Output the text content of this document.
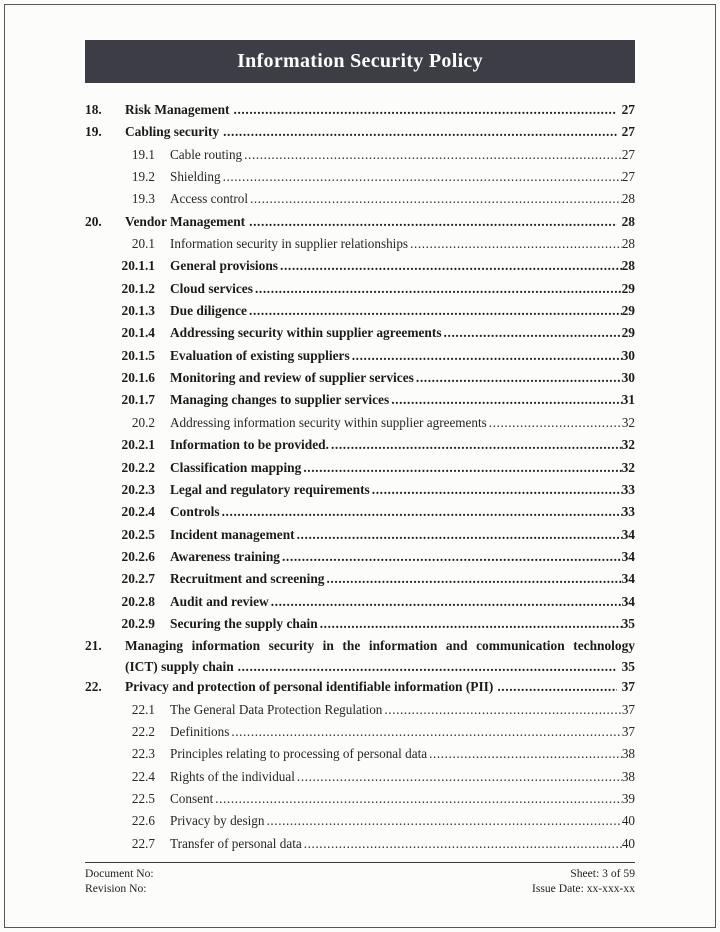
Information Security Policy
18.	Risk Management .....	27
19.	Cabling security .....	27
19.1 Cable routing .....	27
19.2 Shielding .....	27
19.3 Access control .....	28
20.	Vendor Management .....	28
20.1 Information security in supplier relationships .....	28
20.1.1 General provisions .....	28
20.1.2 Cloud services .....	29
20.1.3 Due diligence .....	29
20.1.4 Addressing security within supplier agreements .....	29
20.1.5 Evaluation of existing suppliers .....	30
20.1.6 Monitoring and review of supplier services .....	30
20.1.7 Managing changes to supplier services .....	31
20.2 Addressing information security within supplier agreements .....	32
20.2.1 Information to be provided. .....	32
20.2.2 Classification mapping .....	32
20.2.3 Legal and regulatory requirements .....	33
20.2.4 Controls .....	33
20.2.5 Incident management .....	34
20.2.6 Awareness training .....	34
20.2.7 Recruitment and screening .....	34
20.2.8 Audit and review .....	34
20.2.9 Securing the supply chain .....	35
21.	Managing information security in the information and communication technology
(ICT) supply chain .....	35
22.	Privacy and protection of personal identifiable information (PII) .....	37
22.1 The General Data Protection Regulation .....	37
22.2 Definitions .....	37
22.3 Principles relating to processing of personal data .....	38
22.4 Rights of the individual .....	38
22.5 Consent .....	39
22.6 Privacy by design .....	40
22.7 Transfer of personal data .....	40
Document No:
Revision No:
Sheet: 3 of 59
Issue Date: xx-xxx-xx
